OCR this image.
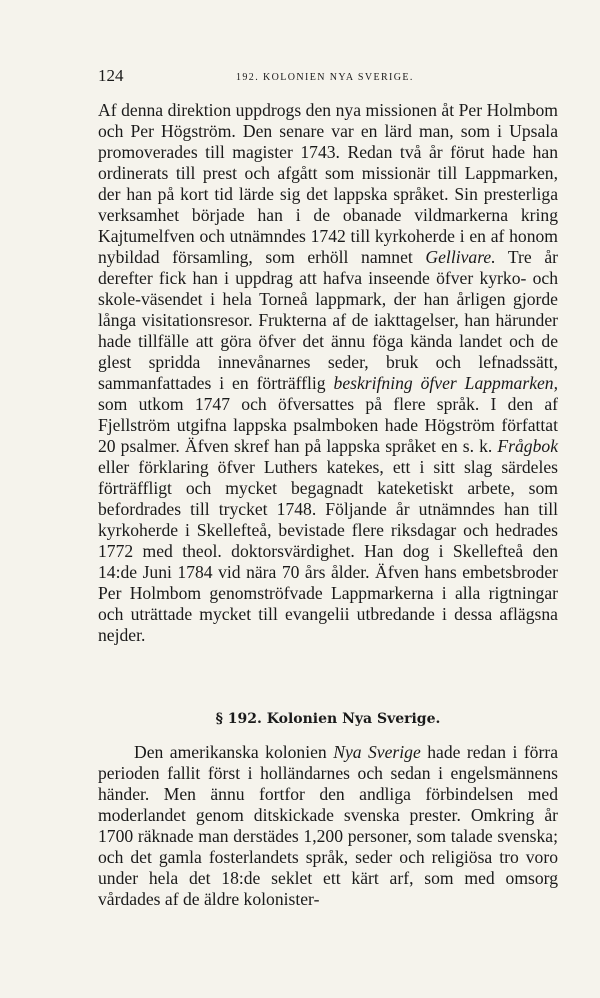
124	192. KOLONIEN NYA SVERIGE.

Af denna direktion uppdrogs den nya missionen åt Per Holmbom och Per Högström. Den senare var en lärd man, som i Upsala promoverades till magister 1743. Redan två år förut hade han ordinerats till prest och afgått som missionär till Lappmarken, der han på kort tid lärde sig det lappska språket. Sin presterliga verksamhet började han i de obanade vildmarkerna kring Kajtumelfven och utnämndes 1742 till kyrkoherde i en af honom nybildad församling, som erhöll namnet Gellivare. Tre år derefter fick han i uppdrag att hafva inseende öfver kyrko- och skole-väsendet i hela Torneå lappmark, der han årligen gjorde långa visitationsresor. Frukterna af de iakttagelser, han härunder hade tillfälle att göra öfver det ännu föga kända landet och de glest spridda innevånarnes seder, bruk och lefnadssätt, sammanfattades i en förträfflig beskrifning öfver Lappmarken, som utkom 1747 och öfversattes på flere språk. I den af Fjellström utgifna lappska psalmboken hade Högström författat 20 psalmer. Äfven skref han på lappska språket en s. k. Frågbok eller förklaring öfver Luthers katekes, ett i sitt slag särdeles förträffligt och mycket begagnadt kateketiskt arbete, som befordrades till trycket 1748. Följande år utnämndes han till kyrkoherde i Skellefteå, bevistade flere riksdagar och hedrades 1772 med theol. doktorsvärdighet. Han dog i Skellefteå den 14:de Juni 1784 vid nära 70 års ålder. Äfven hans embetsbroder Per Holmbom genomströfvade Lappmarkerna i alla rigtningar och uträttade mycket till evangelii utbredande i dessa aflägsna nejder.

§ 192. Kolonien Nya Sverige.

Den amerikanska kolonien Nya Sverige hade redan i förra perioden fallit först i holländarnes och sedan i engelsmännens händer. Men ännu fortfor den andliga förbindelsen med moderlandet genom ditskickade svenska prester. Omkring år 1700 räknade man derstädes 1,200 personer, som talade svenska; och det gamla fosterlandets språk, seder och religiösa tro voro under hela det 18:de seklet ett kärt arf, som med omsorg vårdades af de äldre kolonister-
